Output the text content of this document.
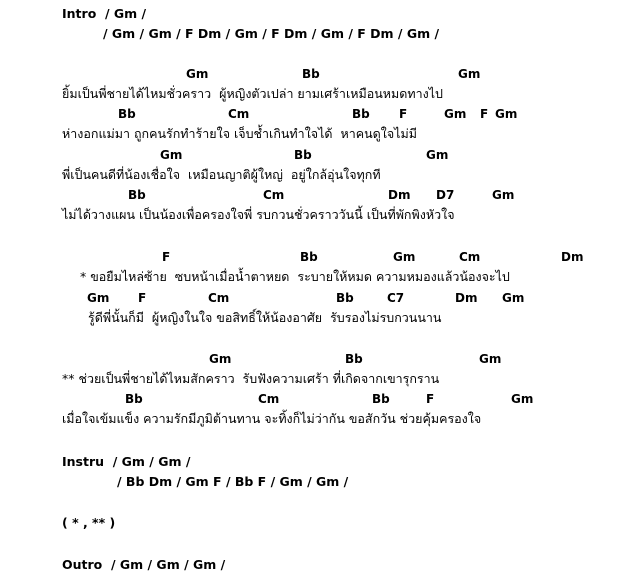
Intro  / Gm /
/ Gm / Gm / F Dm / Gm / F Dm / Gm / F Dm / Gm /
Gm	Bb	Gm
ยิ้มเป็นพี่ชายได้ไหมชั่วคราว  ผู้หญิงตัวเปล่า ยามเศร้าเหมือนหมดทางไป
Bb	Cm	Bb F	Gm F Gm
ห่างอกแม่มา ถูกคนรักทำร้ายใจ เจ็บช้ำเกินทำใจได้  หาคนดูใจไม่มี
Gm	Bb	Gm
พี่เป็นคนดีที่น้องเชื่อใจ  เหมือนญาติผู้ใหญ่  อยู่ใกล้อุ่นใจทุกที
Bb	Cm	Dm D7	Gm
ไม่ได้วางแผน เป็นน้องเพื่อครองใจพี่ รบกวนชั่วคราววันนี้ เป็นที่พักพิงหัวใจ
F	Bb	Gm	Cm	Dm
* ขอยืมไหล่ซ้าย  ซบหน้าเมื่อน้ำตาหยด  ระบายให้หมด ความหมองแล้วน้องจะไป
Gm F	Cm	Bb	C7	Dm Gm
รู้ดีพี่นั้นก็มี  ผู้หญิงในใจ ขอสิทธิ์ให้น้องอาศัย  รับรองไม่รบกวนนาน
Gm	Bb	Gm
** ช่วยเป็นพี่ชายได้ไหมสักคราว  รับฟังความเศร้า ที่เกิดจากเขารุกราน
Bb	Cm	Bb	F	Gm
เมื่อใจเข้มแข็ง ความรักมีภูมิต้านทาน จะทิ้งก็ไม่ว่ากัน ขอสักวัน ช่วยคุ้มครองใจ
Instru  / Gm / Gm /
/ Bb Dm / Gm F / Bb F / Gm / Gm /
( * , ** )
Outro  / Gm / Gm / Gm /
